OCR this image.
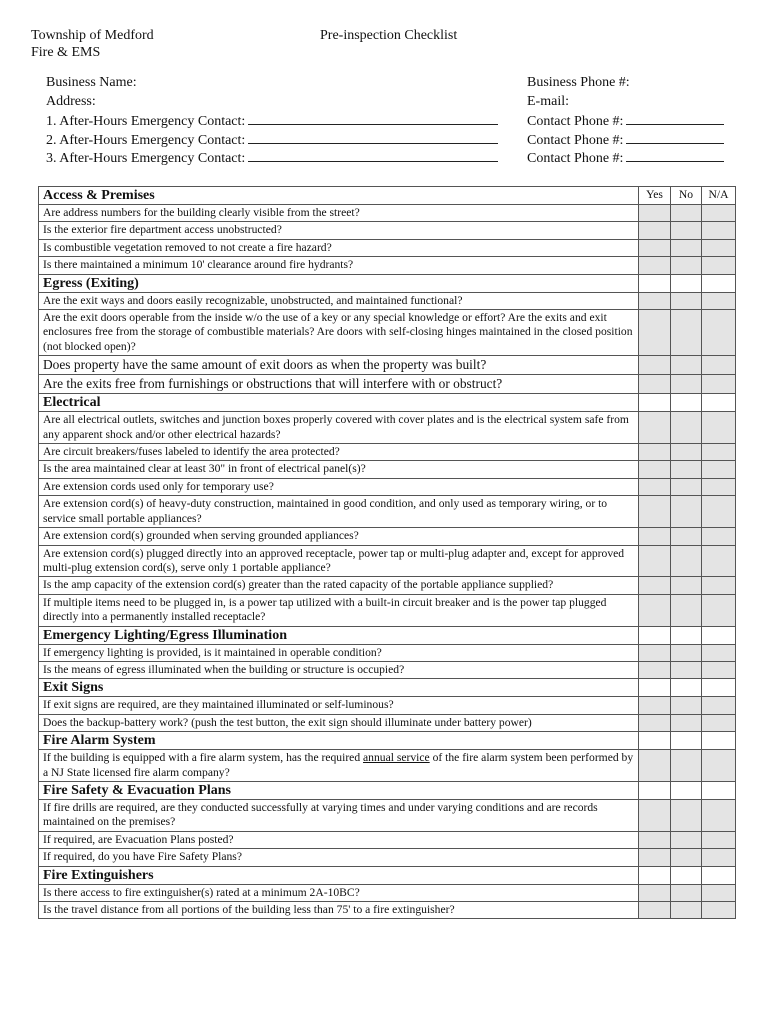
Township of Medford
Fire & EMS
Pre-inspection Checklist
Business Name:
Address:
1. After-Hours Emergency Contact:
2. After-Hours Emergency Contact:
3. After-Hours Emergency Contact:
Business Phone #:
E-mail:
Contact Phone #:
Contact Phone #:
Contact Phone #:
Access & Premises	Yes	No	N/A
Are address numbers for the building clearly visible from the street?			
Is the exterior fire department access unobstructed?			
Is combustible vegetation removed to not create a fire hazard?			
Is there maintained a minimum 10' clearance around fire hydrants?			
Egress (Exiting)			
Are the exit ways and doors easily recognizable, unobstructed, and maintained functional?			
Are the exit doors operable from the inside w/o the use of a key or any special knowledge or effort? Are the exits and exit enclosures free from the storage of combustible materials? Are doors with self-closing hinges maintained in the closed position (not blocked open)?			
Does property have the same amount of exit doors as when the property was built?			
Are the exits free from furnishings or obstructions that will interfere with or obstruct?			
Electrical			
Are all electrical outlets, switches and junction boxes properly covered with cover plates and is the electrical system safe from any apparent shock and/or other electrical hazards?			
Are circuit breakers/fuses labeled to identify the area protected?			
Is the area maintained clear at least 30" in front of electrical panel(s)?			
Are extension cords used only for temporary use?			
Are extension cord(s) of heavy-duty construction, maintained in good condition, and only used as temporary wiring, or to service small portable appliances?			
Are extension cord(s) grounded when serving grounded appliances?			
Are extension cord(s) plugged directly into an approved receptacle, power tap or multi-plug adapter and, except for approved multi-plug extension cord(s), serve only 1 portable appliance?			
Is the amp capacity of the extension cord(s) greater than the rated capacity of the portable appliance supplied?			
If multiple items need to be plugged in, is a power tap utilized with a built-in circuit breaker and is the power tap plugged directly into a permanently installed receptacle?			
Emergency Lighting/Egress Illumination			
If emergency lighting is provided, is it maintained in operable condition?			
Is the means of egress illuminated when the building or structure is occupied?			
Exit Signs			
If exit signs are required, are they maintained illuminated or self-luminous?			
Does the backup-battery work? (push the test button, the exit sign should illuminate under battery power)			
Fire Alarm System			
If the building is equipped with a fire alarm system, has the required annual service of the fire alarm system been performed by a NJ State licensed fire alarm company?			
Fire Safety & Evacuation Plans			
If fire drills are required, are they conducted successfully at varying times and under varying conditions and are records maintained on the premises?			
If required, are Evacuation Plans posted?			
If required, do you have Fire Safety Plans?			
Fire Extinguishers			
Is there access to fire extinguisher(s) rated at a minimum 2A-10BC?			
Is the travel distance from all portions of the building less than 75' to a fire extinguisher?			
